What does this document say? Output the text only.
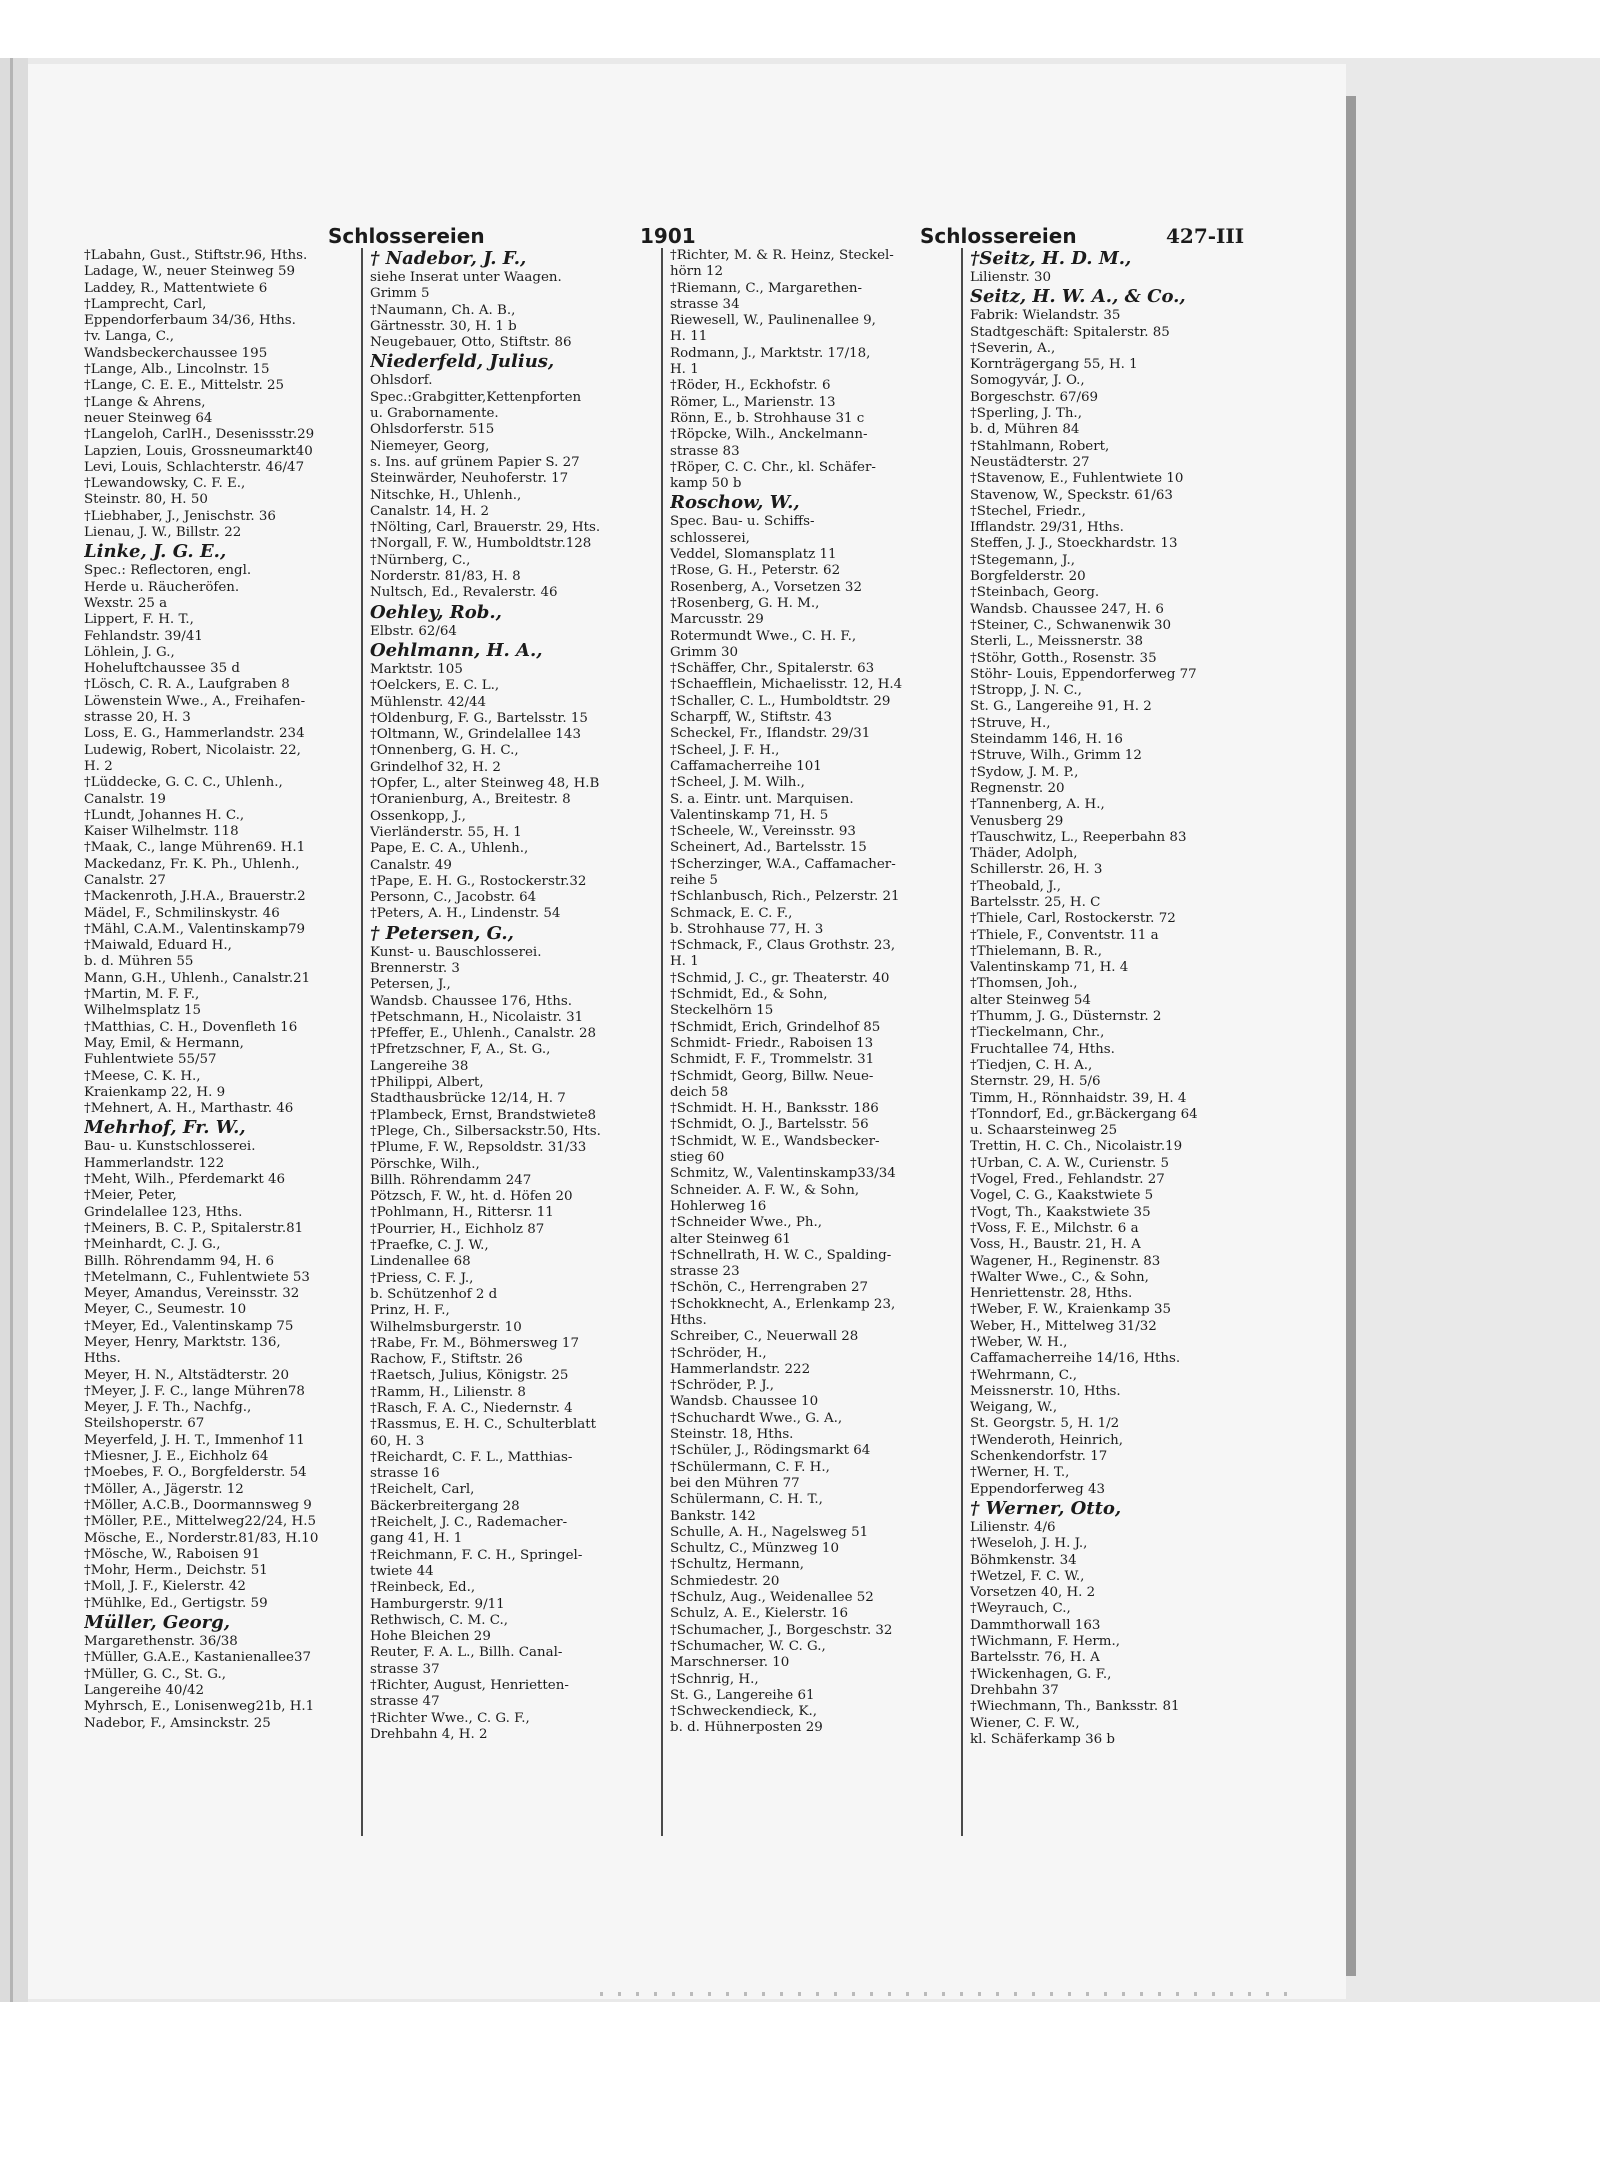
Schlossereien	1901	Schlossereien	427-III
†Labahn, Gust., Stiftstr.96, Hths.
Ladage, W., neuer Steinweg 59
Laddey, R., Mattentwiete 6
†Lamprecht, Carl,
Eppendorferbaum 34/36, Hths.
†v. Langa, C.,
Wandsbeckerchaussee 195
†Lange, Alb., Lincolnstr. 15
†Lange, C. E. E., Mittelstr. 25
†Lange & Ahrens,
neuer Steinweg 64
†Langeloh, CarlH., Desenissstr.29
Lapzien, Louis, Grossneumarkt40
Levi, Louis, Schlachterstr. 46/47
†Lewandowsky, C. F. E.,
Steinstr. 80, H. 50
†Liebhaber, J., Jenischstr. 36
Lienau, J. W., Billstr. 22
Linke, J. G. E.,
Spec.: Reflectoren, engl.
Herde u. Räucheröfen.
Wexstr. 25 a
Lippert, F. H. T.,
Fehlandstr. 39/41
Löhlein, J. G.,
Hoheluftchaussee 35 d
†Lösch, C. R. A., Laufgraben 8
Löwenstein Wwe., A., Freihafen-
strasse 20, H. 3
Loss, E. G., Hammerlandstr. 234
Ludewig, Robert, Nicolaistr. 22,
H. 2
†Lüddecke, G. C. C., Uhlenh.,
Canalstr. 19
†Lundt, Johannes H. C.,
Kaiser Wilhelmstr. 118
†Maak, C., lange Mühren69. H.1
Mackedanz, Fr. K. Ph., Uhlenh.,
Canalstr. 27
†Mackenroth, J.H.A., Brauerstr.2
Mädel, F., Schmilinskystr. 46
†Mähl, C.A.M., Valentinskamp79
†Maiwald, Eduard H.,
b. d. Mühren 55
Mann, G.H., Uhlenh., Canalstr.21
†Martin, M. F. F.,
Wilhelmsplatz 15
†Matthias, C. H., Dovenfleth 16
May, Emil, & Hermann,
Fuhlentwiete 55/57
†Meese, C. K. H.,
Kraienkamp 22, H. 9
†Mehnert, A. H., Marthastr. 46
Mehrhof, Fr. W.,
Bau- u. Kunstschlosserei.
Hammerlandstr. 122
†Meht, Wilh., Pferdemarkt 46
†Meier, Peter,
Grindelallee 123, Hths.
†Meiners, B. C. P., Spitalerstr.81
†Meinhardt, C. J. G.,
Billh. Röhrendamm 94, H. 6
†Metelmann, C., Fuhlentwiete 53
Meyer, Amandus, Vereinsstr. 32
Meyer, C., Seumestr. 10
†Meyer, Ed., Valentinskamp 75
Meyer, Henry, Marktstr. 136,
Hths.
Meyer, H. N., Altstädterstr. 20
†Meyer, J. F. C., lange Mühren78
Meyer, J. F. Th., Nachfg.,
Steilshoperstr. 67
Meyerfeld, J. H. T., Immenhof 11
†Miesner, J. E., Eichholz 64
†Moebes, F. O., Borgfelderstr. 54
†Möller, A., Jägerstr. 12
†Möller, A.C.B., Doormannsweg 9
†Möller, P.E., Mittelweg22/24, H.5
Mösche, E., Norderstr.81/83, H.10
†Mösche, W., Raboisen 91
†Mohr, Herm., Deichstr. 51
†Moll, J. F., Kielerstr. 42
†Mühlke, Ed., Gertigstr. 59
Müller, Georg,
Margarethenstr. 36/38
†Müller, G.A.E., Kastanienallee37
†Müller, G. C., St. G.,
Langereihe 40/42
Myhrsch, E., Lonisenweg21b, H.1
Nadebor, F., Amsinckstr. 25
† Nadebor, J. F.,
siehe Inserat unter Waagen.
Grimm 5
†Naumann, Ch. A. B.,
Gärtnesstr. 30, H. 1 b
Neugebauer, Otto, Stiftstr. 86
Niederfeld, Julius,
Ohlsdorf.
Spec.:Grabgitter,Kettenpforten
u. Grabornamente.
Ohlsdorferstr. 515
Niemeyer, Georg,
s. Ins. auf grünem Papier S. 27
Steinwärder, Neuhoferstr. 17
Nitschke, H., Uhlenh.,
Canalstr. 14, H. 2
†Nölting, Carl, Brauerstr. 29, Hts.
†Norgall, F. W., Humboldtstr.128
†Nürnberg, C.,
Norderstr. 81/83, H. 8
Nultsch, Ed., Revalerstr. 46
Oehley, Rob.,
Elbstr. 62/64
Oehlmann, H. A.,
Marktstr. 105
†Oelckers, E. C. L.,
Mühlenstr. 42/44
†Oldenburg, F. G., Bartelsstr. 15
†Oltmann, W., Grindelallee 143
†Onnenberg, G. H. C.,
Grindelhof 32, H. 2
†Opfer, L., alter Steinweg 48, H.B
†Oranienburg, A., Breitestr. 8
Ossenkopp, J.,
Vierländerstr. 55, H. 1
Pape, E. C. A., Uhlenh.,
Canalstr. 49
†Pape, E. H. G., Rostockerstr.32
Personn, C., Jacobstr. 64
†Peters, A. H., Lindenstr. 54
† Petersen, G.,
Kunst- u. Bauschlosserei.
Brennerstr. 3
Petersen, J.,
Wandsb. Chaussee 176, Hths.
†Petschmann, H., Nicolaistr. 31
†Pfeffer, E., Uhlenh., Canalstr. 28
†Pfretzschner, F, A., St. G.,
Langereihe 38
†Philippi, Albert,
Stadthausbrücke 12/14, H. 7
†Plambeck, Ernst, Brandstwiete8
†Plege, Ch., Silbersackstr.50, Hts.
†Plume, F. W., Repsoldstr. 31/33
Pörschke, Wilh.,
Billh. Röhrendamm 247
Pötzsch, F. W., ht. d. Höfen 20
†Pohlmann, H., Rittersr. 11
†Pourrier, H., Eichholz 87
†Praefke, C. J. W.,
Lindenallee 68
†Priess, C. F. J.,
b. Schützenhof 2 d
Prinz, H. F.,
Wilhelmsburgerstr. 10
†Rabe, Fr. M., Böhmersweg 17
Rachow, F., Stiftstr. 26
†Raetsch, Julius, Königstr. 25
†Ramm, H., Lilienstr. 8
†Rasch, F. A. C., Niedernstr. 4
†Rassmus, E. H. C., Schulterblatt
60, H. 3
†Reichardt, C. F. L., Matthias-
strasse 16
†Reichelt, Carl,
Bäckerbreitergang 28
†Reichelt, J. C., Rademacher-
gang 41, H. 1
†Reichmann, F. C. H., Springel-
twiete 44
†Reinbeck, Ed.,
Hamburgerstr. 9/11
Rethwisch, C. M. C.,
Hohe Bleichen 29
Reuter, F. A. L., Billh. Canal-
strasse 37
†Richter, August, Henrietten-
strasse 47
†Richter Wwe., C. G. F.,
Drehbahn 4, H. 2
†Richter, M. & R. Heinz, Steckel-
hörn 12
†Riemann, C., Margarethen-
strasse 34
Riewesell, W., Paulinenallee 9,
H. 11
Rodmann, J., Marktstr. 17/18,
H. 1
†Röder, H., Eckhofstr. 6
Römer, L., Marienstr. 13
Rönn, E., b. Strohhause 31 c
†Röpcke, Wilh., Anckelmann-
strasse 83
†Röper, C. C. Chr., kl. Schäfer-
kamp 50 b
Roschow, W.,
Spec. Bau- u. Schiffs-
schlosserei,
Veddel, Slomansplatz 11
†Rose, G. H., Peterstr. 62
Rosenberg, A., Vorsetzen 32
†Rosenberg, G. H. M.,
Marcusstr. 29
Rotermundt Wwe., C. H. F.,
Grimm 30
†Schäffer, Chr., Spitalerstr. 63
†Schaefflein, Michaelisstr. 12, H.4
†Schaller, C. L., Humboldtstr. 29
Scharpff, W., Stiftstr. 43
Scheckel, Fr., Iflandstr. 29/31
†Scheel, J. F. H.,
Caffamacherreihe 101
†Scheel, J. M. Wilh.,
S. a. Eintr. unt. Marquisen.
Valentinskamp 71, H. 5
†Scheele, W., Vereinsstr. 93
Scheinert, Ad., Bartelsstr. 15
†Scherzinger, W.A., Caffamacher-
reihe 5
†Schlanbusch, Rich., Pelzerstr. 21
Schmack, E. C. F.,
b. Strohhause 77, H. 3
†Schmack, F., Claus Grothstr. 23,
H. 1
†Schmid, J. C., gr. Theaterstr. 40
†Schmidt, Ed., & Sohn,
Steckelhörn 15
†Schmidt, Erich, Grindelhof 85
Schmidt- Friedr., Raboisen 13
Schmidt, F. F., Trommelstr. 31
†Schmidt, Georg, Billw. Neue-
deich 58
†Schmidt. H. H., Banksstr. 186
†Schmidt, O. J., Bartelsstr. 56
†Schmidt, W. E., Wandsbecker-
stieg 60
Schmitz, W., Valentinskamp33/34
Schneider. A. F. W., & Sohn,
Hohlerweg 16
†Schneider Wwe., Ph.,
alter Steinweg 61
†Schnellrath, H. W. C., Spalding-
strasse 23
†Schön, C., Herrengraben 27
†Schokknecht, A., Erlenkamp 23,
Hths.
Schreiber, C., Neuerwall 28
†Schröder, H.,
Hammerlandstr. 222
†Schröder, P. J.,
Wandsb. Chaussee 10
†Schuchardt Wwe., G. A.,
Steinstr. 18, Hths.
†Schüler, J., Rödingsmarkt 64
†Schülermann, C. F. H.,
bei den Mühren 77
Schülermann, C. H. T.,
Bankstr. 142
Schulle, A. H., Nagelsweg 51
Schultz, C., Münzweg 10
†Schultz, Hermann,
Schmiedestr. 20
†Schulz, Aug., Weidenallee 52
Schulz, A. E., Kielerstr. 16
†Schumacher, J., Borgeschstr. 32
†Schumacher, W. C. G.,
Marschnerser. 10
†Schnrig, H.,
St. G., Langereihe 61
†Schweckendieck, K.,
b. d. Hühnerposten 29
†Seitz, H. D. M.,
Lilienstr. 30
Seitz, H. W. A., & Co.,
Fabrik: Wielandstr. 35
Stadtgeschäft: Spitalerstr. 85
†Severin, A.,
Kornträgergang 55, H. 1
Somogyvár, J. O.,
Borgeschstr. 67/69
†Sperling, J. Th.,
b. d, Mühren 84
†Stahlmann, Robert,
Neustädterstr. 27
†Stavenow, E., Fuhlentwiete 10
Stavenow, W., Speckstr. 61/63
†Stechel, Friedr.,
Ifflandstr. 29/31, Hths.
Steffen, J. J., Stoeckhardstr. 13
†Stegemann, J.,
Borgfelderstr. 20
†Steinbach, Georg.
Wandsb. Chaussee 247, H. 6
†Steiner, C., Schwanenwik 30
Sterli, L., Meissnerstr. 38
†Stöhr, Gotth., Rosenstr. 35
Stöhr- Louis, Eppendorferweg 77
†Stropp, J. N. C.,
St. G., Langereihe 91, H. 2
†Struve, H.,
Steindamm 146, H. 16
†Struve, Wilh., Grimm 12
†Sydow, J. M. P.,
Regnenstr. 20
†Tannenberg, A. H.,
Venusberg 29
†Tauschwitz, L., Reeperbahn 83
Thäder, Adolph,
Schillerstr. 26, H. 3
†Theobald, J.,
Bartelsstr. 25, H. C
†Thiele, Carl, Rostockerstr. 72
†Thiele, F., Conventstr. 11 a
†Thielemann, B. R.,
Valentinskamp 71, H. 4
†Thomsen, Joh.,
alter Steinweg 54
†Thumm, J. G., Düsternstr. 2
†Tieckelmann, Chr.,
Fruchtallee 74, Hths.
†Tiedjen, C. H. A.,
Sternstr. 29, H. 5/6
Timm, H., Rönnhaidstr. 39, H. 4
†Tonndorf, Ed., gr.Bäckergang 64
u. Schaarsteinweg 25
Trettin, H. C. Ch., Nicolaistr.19
†Urban, C. A. W., Curienstr. 5
†Vogel, Fred., Fehlandstr. 27
Vogel, C. G., Kaakstwiete 5
†Vogt, Th., Kaakstwiete 35
†Voss, F. E., Milchstr. 6 a
Voss, H., Baustr. 21, H. A
Wagener, H., Reginenstr. 83
†Walter Wwe., C., & Sohn,
Henriettenstr. 28, Hths.
†Weber, F. W., Kraienkamp 35
Weber, H., Mittelweg 31/32
†Weber, W. H.,
Caffamacherreihe 14/16, Hths.
†Wehrmann, C.,
Meissnerstr. 10, Hths.
Weigang, W.,
St. Georgstr. 5, H. 1/2
†Wenderoth, Heinrich,
Schenkendorfstr. 17
†Werner, H. T.,
Eppendorferweg 43
† Werner, Otto,
Lilienstr. 4/6
†Weseloh, J. H. J.,
Böhmkenstr. 34
†Wetzel, F. C. W.,
Vorsetzen 40, H. 2
†Weyrauch, C.,
Dammthorwall 163
†Wichmann, F. Herm.,
Bartelsstr. 76, H. A
†Wickenhagen, G. F.,
Drehbahn 37
†Wiechmann, Th., Banksstr. 81
Wiener, C. F. W.,
kl. Schäferkamp 36 b
